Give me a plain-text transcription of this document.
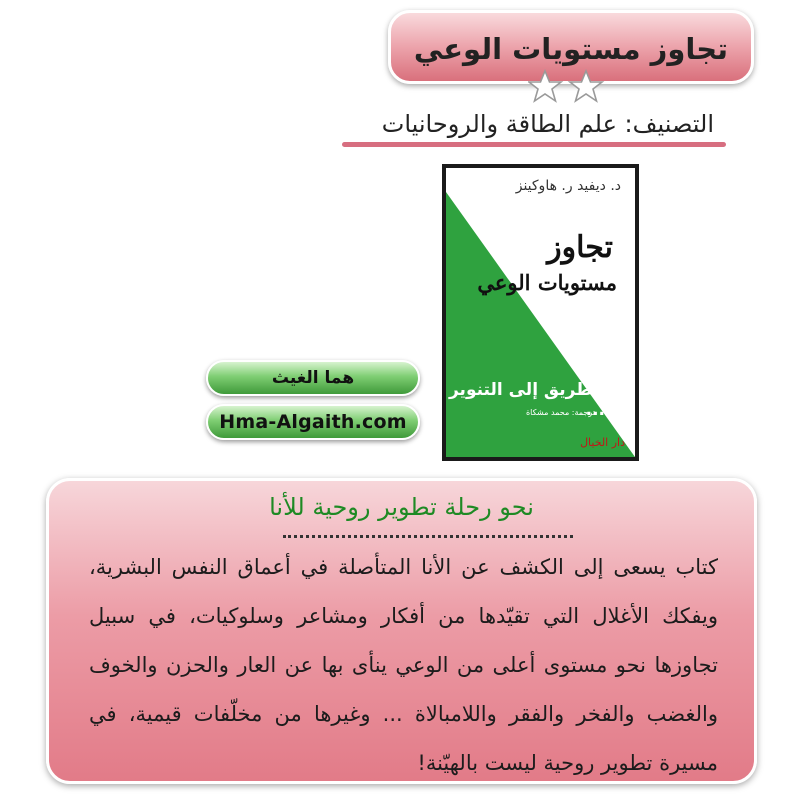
تجاوز مستويات الوعي
التصنيف: علم الطاقة والروحانيات
د. ديفيد ر. هاوكينز
تجاوز
مستويات الوعي
الطريق إلى التنوير ...
ترجمة: محمد مشكاة
دار الخيال
هما الغيث
Hma-Algaith.com
نحو رحلة تطوير روحية للأنا
كتاب يسعى إلى الكشف عن الأنا المتأصلة في أعماق النفس البشرية، ويفكك الأغلال التي تقيّدها من أفكار ومشاعر وسلوكيات، في سبيل تجاوزها نحو مستوى أعلى من الوعي ينأى بها عن العار والحزن والخوف والغضب والفخر والفقر واللامبالاة ... وغيرها من مخلّفات قيمية، في مسيرة تطوير روحية ليست بالهيّنة!
